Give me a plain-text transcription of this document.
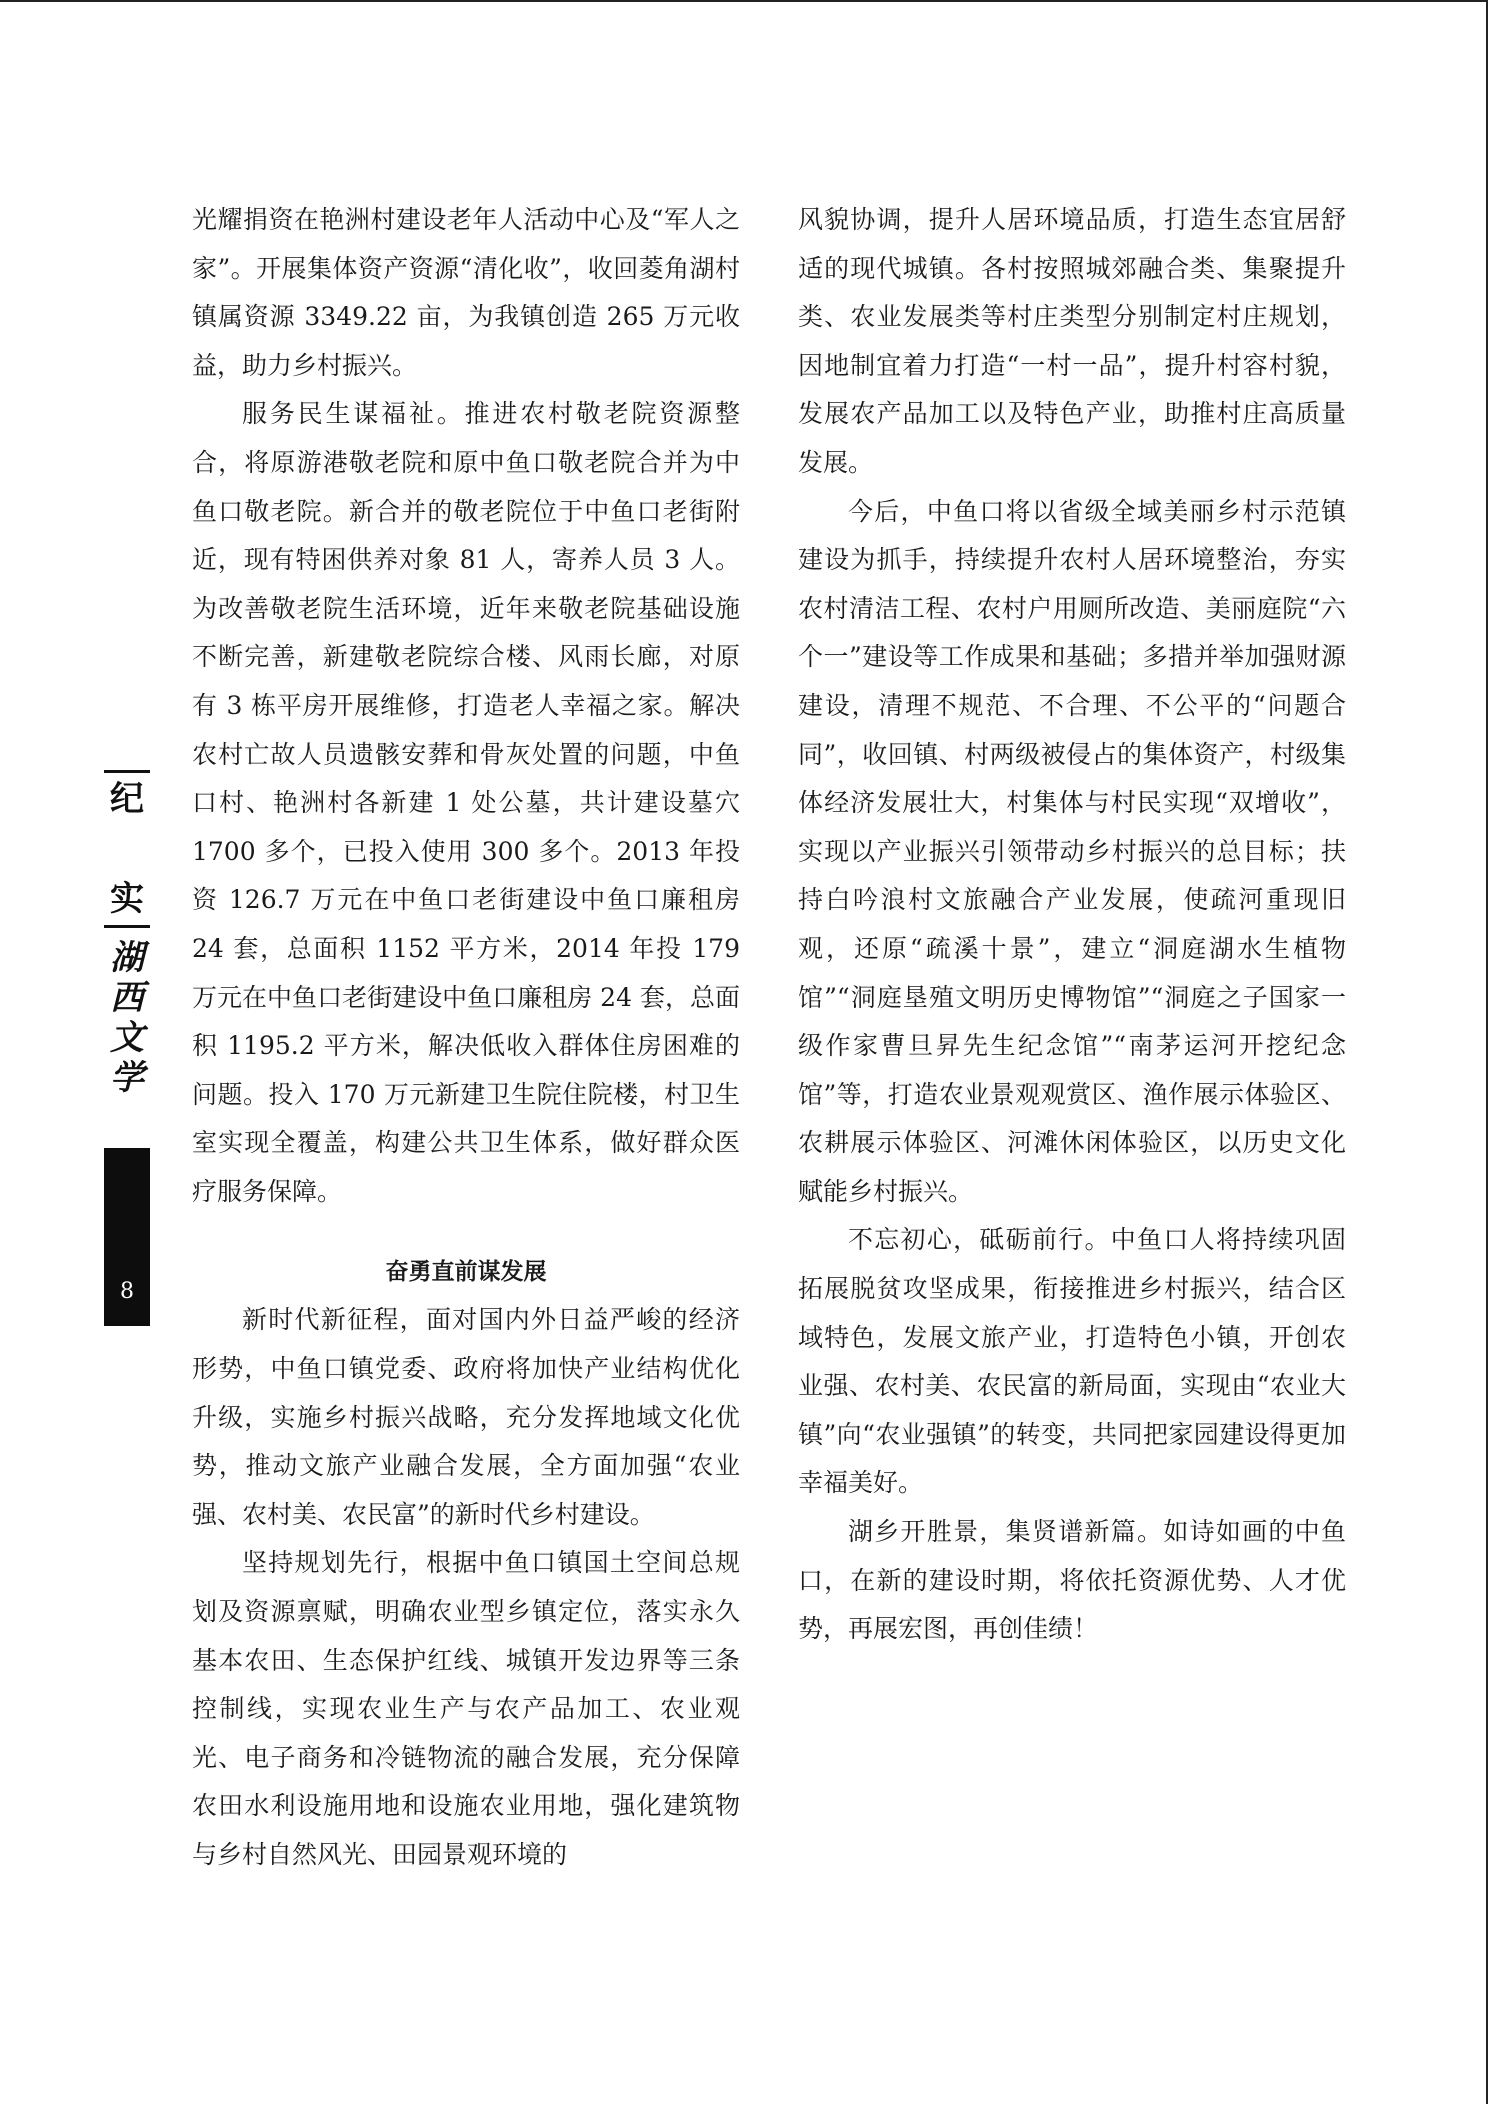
纪
实
湖
西
文
学
8

光耀捐资在艳洲村建设老年人活动中心及“军人之家”。开展集体资产资源“清化收”，收回菱角湖村镇属资源 3349.22 亩，为我镇创造 265 万元收益，助力乡村振兴。

服务民生谋福祉。推进农村敬老院资源整合，将原游港敬老院和原中鱼口敬老院合并为中鱼口敬老院。新合并的敬老院位于中鱼口老街附近，现有特困供养对象 81 人，寄养人员 3 人。为改善敬老院生活环境，近年来敬老院基础设施不断完善，新建敬老院综合楼、风雨长廊，对原有 3 栋平房开展维修，打造老人幸福之家。解决农村亡故人员遗骸安葬和骨灰处置的问题，中鱼口村、艳洲村各新建 1 处公墓，共计建设墓穴 1700 多个，已投入使用 300 多个。2013 年投资 126.7 万元在中鱼口老街建设中鱼口廉租房 24 套，总面积 1152 平方米，2014 年投 179 万元在中鱼口老街建设中鱼口廉租房 24 套，总面积 1195.2 平方米，解决低收入群体住房困难的问题。投入 170 万元新建卫生院住院楼，村卫生室实现全覆盖，构建公共卫生体系，做好群众医疗服务保障。

奋勇直前谋发展

新时代新征程，面对国内外日益严峻的经济形势，中鱼口镇党委、政府将加快产业结构优化升级，实施乡村振兴战略，充分发挥地域文化优势，推动文旅产业融合发展，全方面加强“农业强、农村美、农民富”的新时代乡村建设。

坚持规划先行，根据中鱼口镇国土空间总规划及资源禀赋，明确农业型乡镇定位，落实永久基本农田、生态保护红线、城镇开发边界等三条控制线，实现农业生产与农产品加工、农业观光、电子商务和冷链物流的融合发展，充分保障农田水利设施用地和设施农业用地，强化建筑物与乡村自然风光、田园景观环境的

风貌协调，提升人居环境品质，打造生态宜居舒适的现代城镇。各村按照城郊融合类、集聚提升类、农业发展类等村庄类型分别制定村庄规划，因地制宜着力打造“一村一品”，提升村容村貌，发展农产品加工以及特色产业，助推村庄高质量发展。

今后，中鱼口将以省级全域美丽乡村示范镇建设为抓手，持续提升农村人居环境整治，夯实农村清洁工程、农村户用厕所改造、美丽庭院“六个一”建设等工作成果和基础；多措并举加强财源建设，清理不规范、不合理、不公平的“问题合同”，收回镇、村两级被侵占的集体资产，村级集体经济发展壮大，村集体与村民实现“双增收”，实现以产业振兴引领带动乡村振兴的总目标；扶持白吟浪村文旅融合产业发展，使疏河重现旧观，还原“疏溪十景”，建立“洞庭湖水生植物馆”“洞庭垦殖文明历史博物馆”“洞庭之子国家一级作家曹旦昇先生纪念馆”“南茅运河开挖纪念馆”等，打造农业景观观赏区、渔作展示体验区、农耕展示体验区、河滩休闲体验区，以历史文化赋能乡村振兴。

不忘初心，砥砺前行。中鱼口人将持续巩固拓展脱贫攻坚成果，衔接推进乡村振兴，结合区域特色，发展文旅产业，打造特色小镇，开创农业强、农村美、农民富的新局面，实现由“农业大镇”向“农业强镇”的转变，共同把家园建设得更加幸福美好。

湖乡开胜景，集贤谱新篇。如诗如画的中鱼口，在新的建设时期，将依托资源优势、人才优势，再展宏图，再创佳绩！
